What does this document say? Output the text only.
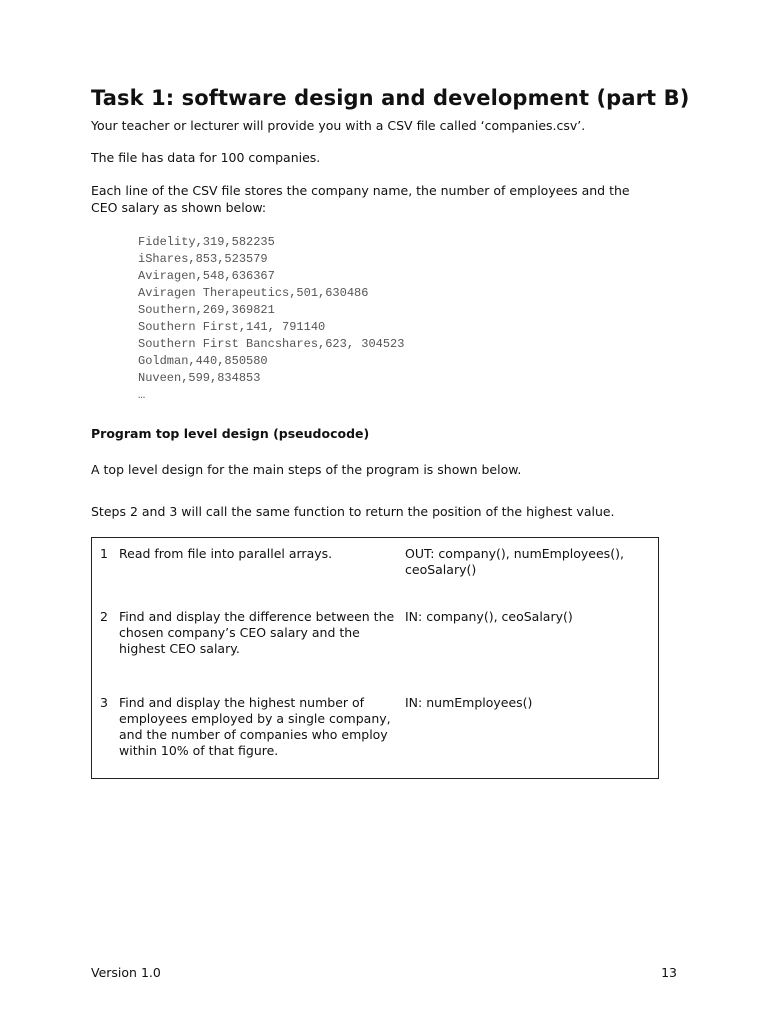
Task 1: software design and development (part B)

Your teacher or lecturer will provide you with a CSV file called ‘companies.csv’.

The file has data for 100 companies.

Each line of the CSV file stores the company name, the number of employees and the CEO salary as shown below:

Fidelity,319,582235
iShares,853,523579
Aviragen,548,636367
Aviragen Therapeutics,501,630486
Southern,269,369821
Southern First,141, 791140
Southern First Bancshares,623, 304523
Goldman,440,850580
Nuveen,599,834853
…
Program top level design (pseudocode)

A top level design for the main steps of the program is shown below.

Steps 2 and 3 will call the same function to return the position of the highest value.

1 Read from file into parallel arrays.	OUT: company(), numEmployees(), ceoSalary()
2 Find and display the difference between the chosen company’s CEO salary and the highest CEO salary.
IN: company(), ceoSalary()
3 Find and display the highest number of employees employed by a single company, and the number of companies who employ within 10% of that figure.
IN: numEmployees()
Version 1.0	13
